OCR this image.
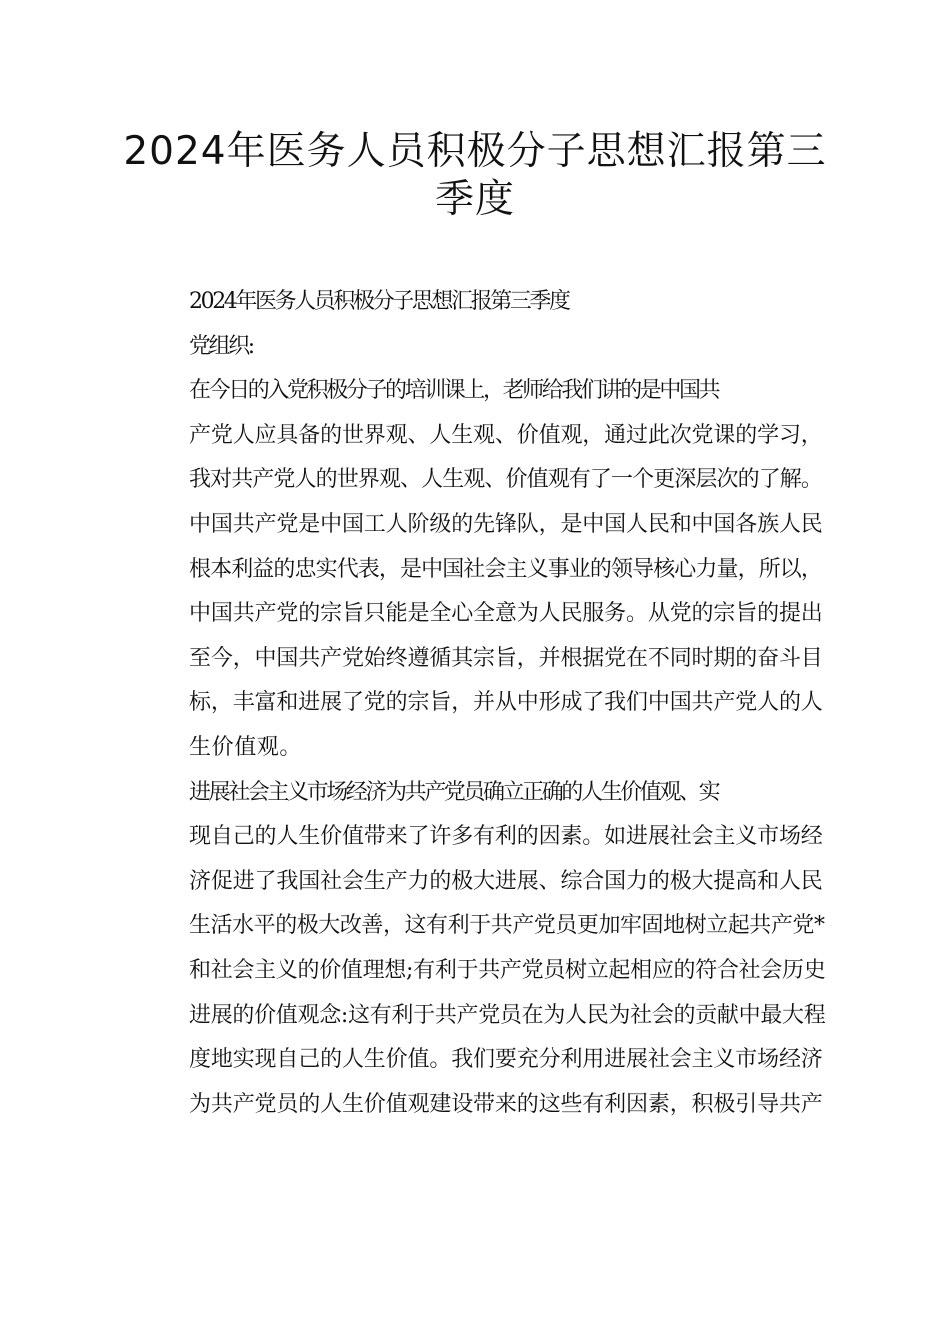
2024年医务人员积极分子思想汇报第三
季度

2024年医务人员积极分子思想汇报第三季度

党组织:

在今日的入党积极分子的培训课上，老师给我们讲的是中国共
产党人应具备的世界观、人生观、价值观，通过此次党课的学习，
我对共产党人的世界观、人生观、价值观有了一个更深层次的了解。
中国共产党是中国工人阶级的先锋队，是中国人民和中国各族人民
根本利益的忠实代表，是中国社会主义事业的领导核心力量，所以，
中国共产党的宗旨只能是全心全意为人民服务。从党的宗旨的提出
至今，中国共产党始终遵循其宗旨，并根据党在不同时期的奋斗目
标，丰富和进展了党的宗旨，并从中形成了我们中国共产党人的人
生价值观。

进展社会主义市场经济为共产党员确立正确的人生价值观、实
现自己的人生价值带来了许多有利的因素。如进展社会主义市场经
济促进了我国社会生产力的极大进展、综合国力的极大提高和人民
生活水平的极大改善，这有利于共产党员更加牢固地树立起共产党*
和社会主义的价值理想;有利于共产党员树立起相应的符合社会历史
进展的价值观念:这有利于共产党员在为人民为社会的贡献中最大程
度地实现自己的人生价值。我们要充分利用进展社会主义市场经济
为共产党员的人生价值观建设带来的这些有利因素，积极引导共产
